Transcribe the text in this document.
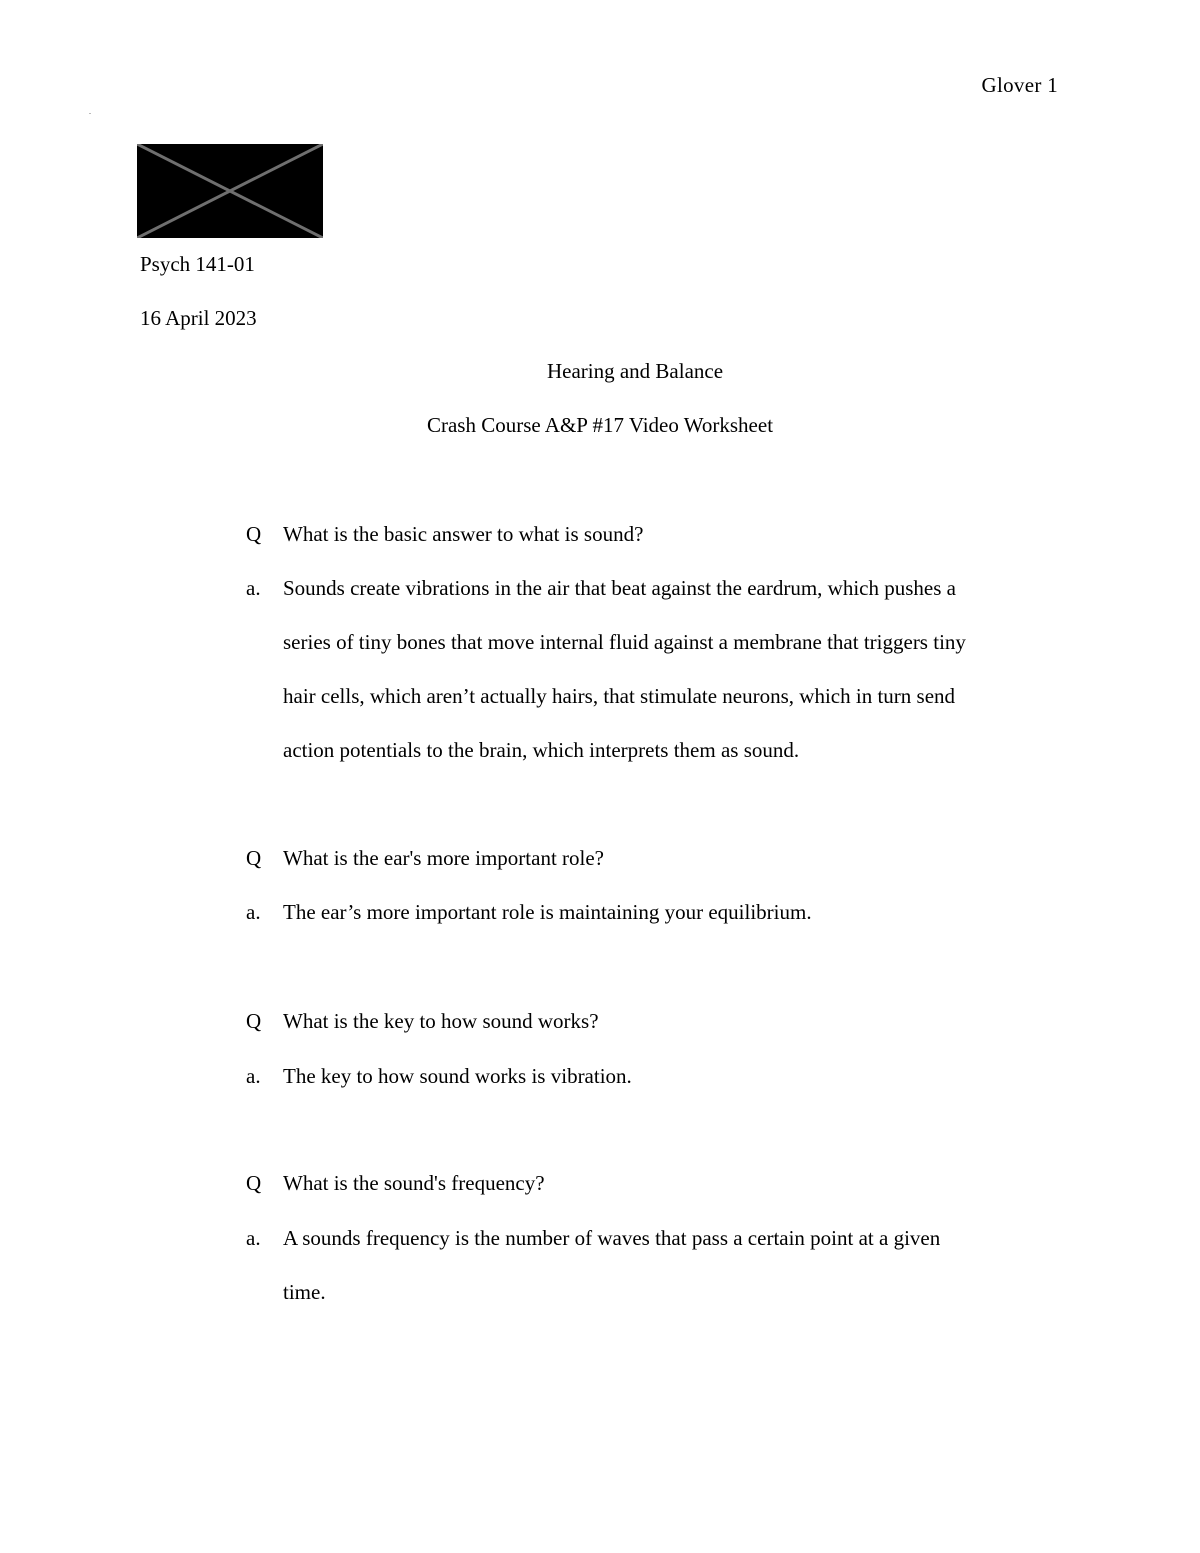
Glover 1
Psych 141-01
16 April 2023
Hearing and Balance
Crash Course A&P #17 Video Worksheet
Q What is the basic answer to what is sound?
a. Sounds create vibrations in the air that beat against the eardrum, which pushes a
series of tiny bones that move internal fluid against a membrane that triggers tiny
hair cells, which aren’t actually hairs, that stimulate neurons, which in turn send
action potentials to the brain, which interprets them as sound.
Q What is the ear's more important role?
a. The ear’s more important role is maintaining your equilibrium.
Q What is the key to how sound works?
a. The key to how sound works is vibration.
Q What is the sound's frequency?
a. A sounds frequency is the number of waves that pass a certain point at a given
time.
